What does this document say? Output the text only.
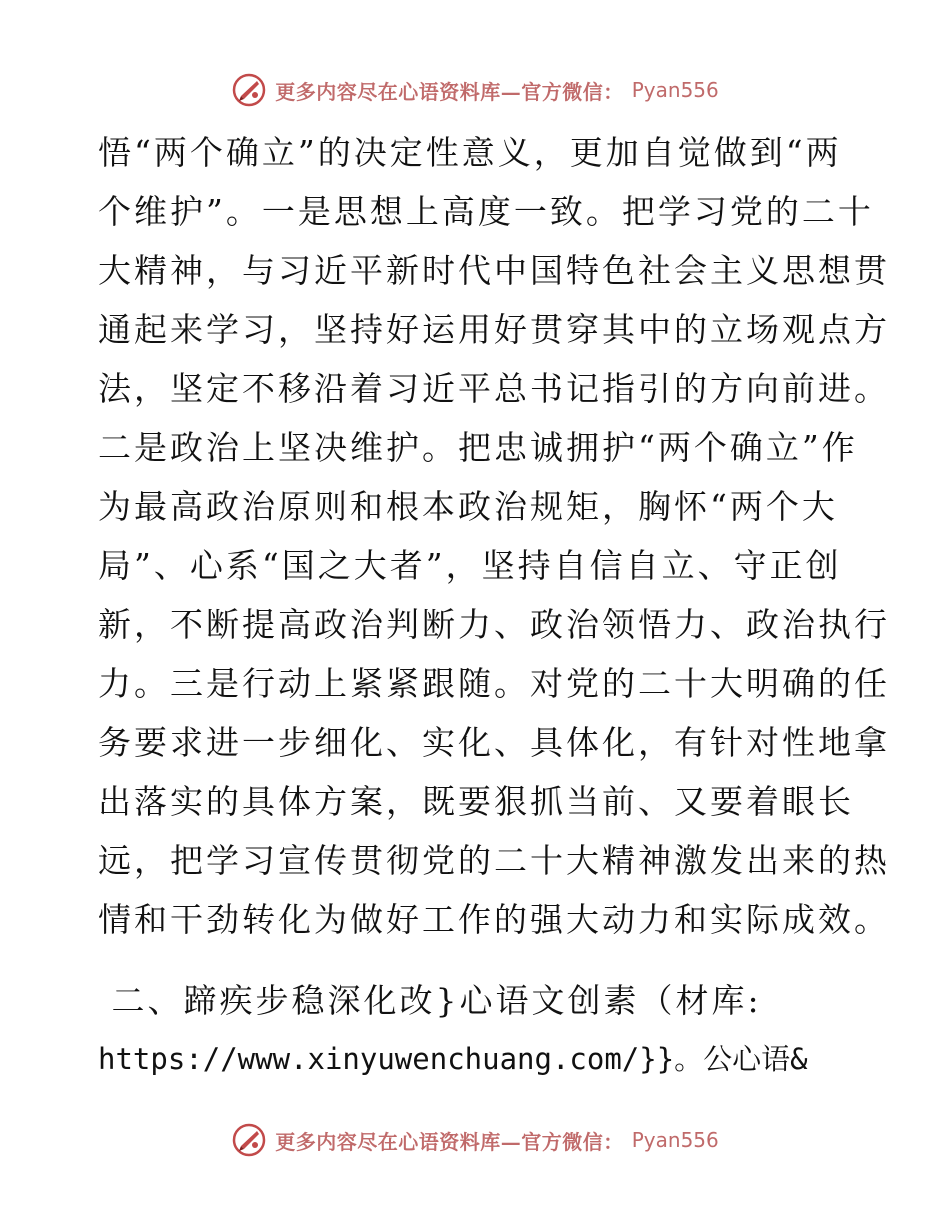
更多内容尽在心语资料库—官方微信： Pyan556
悟“两个确立”的决定性意义，更加自觉做到“两
个维护”。一是思想上高度一致。把学习党的二十
大精神，与习近平新时代中国特色社会主义思想贯
通起来学习，坚持好运用好贯穿其中的立场观点方
法，坚定不移沿着习近平总书记指引的方向前进。
二是政治上坚决维护。把忠诚拥护“两个确立”作
为最高政治原则和根本政治规矩，胸怀“两个大
局”、心系“国之大者”，坚持自信自立、守正创
新，不断提高政治判断力、政治领悟力、政治执行
力。三是行动上紧紧跟随。对党的二十大明确的任
务要求进一步细化、实化、具体化，有针对性地拿
出落实的具体方案，既要狠抓当前、又要着眼长
远，把学习宣传贯彻党的二十大精神激发出来的热
情和干劲转化为做好工作的强大动力和实际成效。
二、蹄疾步稳深化改}心语文创素（材库:
https://www.xinyuwenchuang.com/}}。公心语&
更多内容尽在心语资料库—官方微信： Pyan556
